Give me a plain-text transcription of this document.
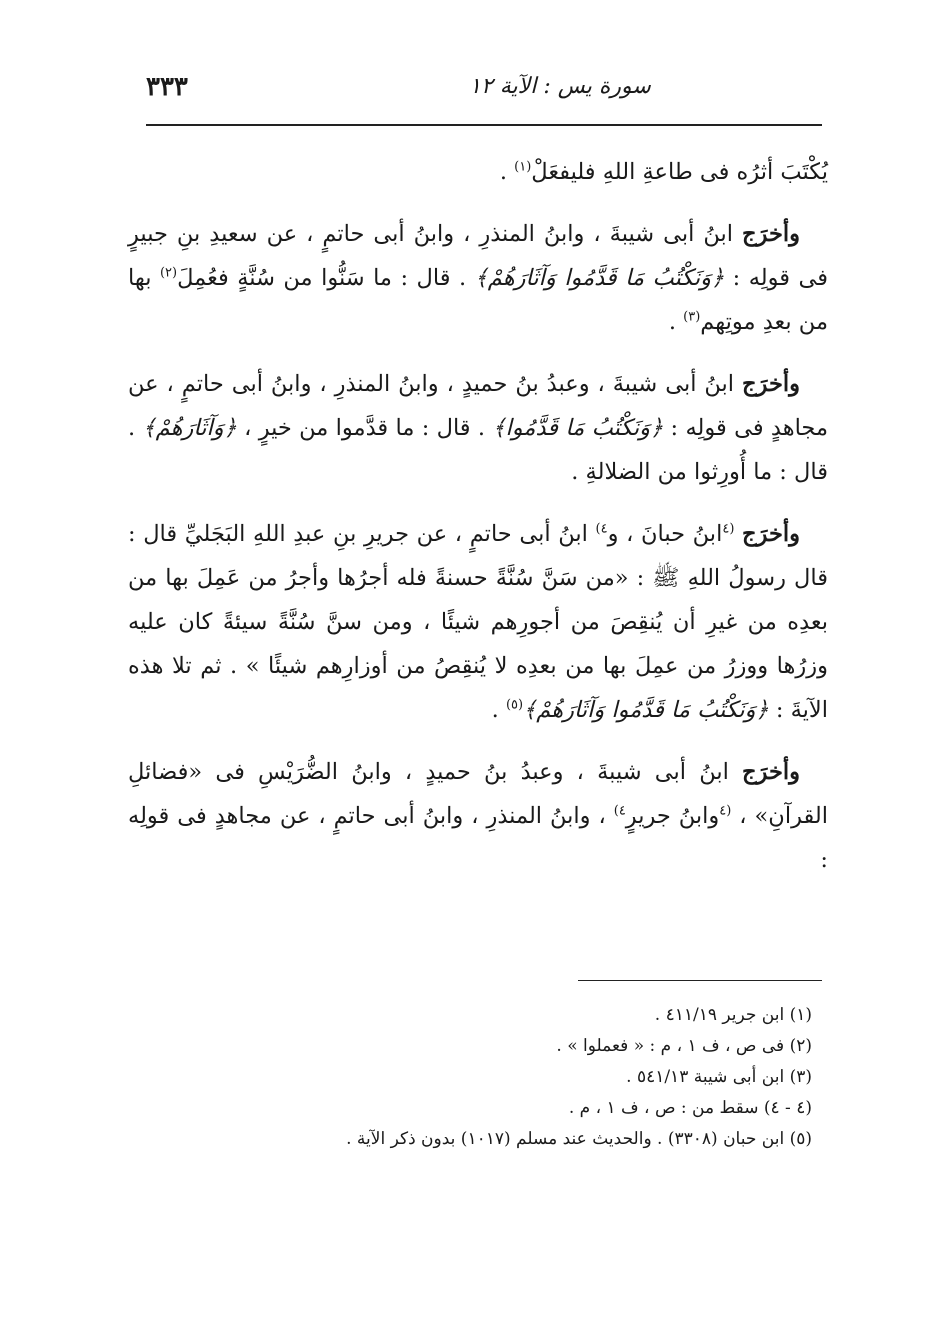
٣٣٣	سورة يس : الآية ١٢

يُكْتَبَ أثرُه فى طاعةِ اللهِ فليفعَلْ$^{(١)}$ .

وأخرَج ابنُ أبى شيبةَ ، وابنُ المنذرِ ، وابنُ أبى حاتمٍ ، عن سعيدِ بنِ جبيرٍ فى قولِه : ﴿وَنَكْتُبُ مَا قَدَّمُوا وَآثَارَهُمْ﴾ . قال : ما سَنُّوا من سُنَّةٍ فعُمِلَ$^{(٢)}$ بها من بعدِ موتِهم$^{(٣)}$ .

وأخرَج ابنُ أبى شيبةَ ، وعبدُ بنُ حميدٍ ، وابنُ المنذرِ ، وابنُ أبى حاتمٍ ، عن مجاهدٍ فى قولِه : ﴿وَنَكْتُبُ مَا قَدَّمُوا﴾ . قال : ما قدَّموا من خيرٍ ، ﴿وَآثَارَهُمْ﴾ . قال : ما أُورِثوا من الضلالةِ .

وأخرَج $^{(٤}$ابنُ حبانَ ، و$^{٤)}$ ابنُ أبى حاتمٍ ، عن جريرِ بنِ عبدِ اللهِ البَجَليِّ قال : قال رسولُ اللهِ ﷺ : «من سَنَّ سُنَّةً حسنةً فله أجرُها وأجرُ من عَمِلَ بها من بعدِه من غيرِ أن يُنقِصَ من أجورِهم شيئًا ، ومن سنَّ سُنَّةً سيئةً كان عليه وزرُها ووزرُ من عمِلَ بها من بعدِه لا يُنقِصُ من أوزارِهم شيئًا » . ثم تلا هذه الآيةَ : ﴿وَنَكْتُبُ مَا قَدَّمُوا وَآثَارَهُمْ﴾$^{(٥)}$ .

وأخرَج ابنُ أبى شيبةَ ، وعبدُ بنُ حميدٍ ، وابنُ الضُّرَيْسِ فى «فضائلِ القرآنِ» ، $^{(٤}$وابنُ جريرٍ$^{٤)}$ ، وابنُ المنذرِ ، وابنُ أبى حاتمٍ ، عن مجاهدٍ فى قولِه :

(١) ابن جرير ٤١١/١٩ .

(٢) فى ص ، ف ١ ، م : « فعملوا » .

(٣) ابن أبى شيبة ٥٤١/١٣ .

(٤ - ٤) سقط من : ص ، ف ١ ، م .

(٥) ابن حبان (٣٣٠٨) . والحديث عند مسلم (١٠١٧) بدون ذكر الآية .
